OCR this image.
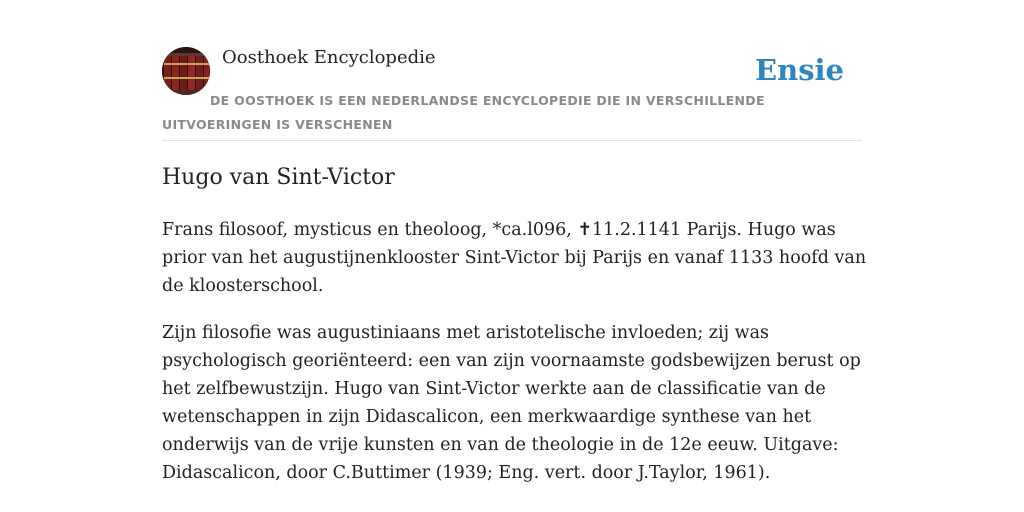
Oosthoek Encyclopedie	Ensie
DE OOSTHOEK IS EEN NEDERLANDSE ENCYCLOPEDIE DIE IN VERSCHILLENDE UITVOERINGEN IS VERSCHENEN
Hugo van Sint-Victor

Frans filosoof, mysticus en theoloog, *ca.l096, ✝11.2.1141 Parijs. Hugo was prior van het augustijnenklooster Sint-Victor bij Parijs en vanaf 1133 hoofd van de kloosterschool.

Zijn filosofie was augustiniaans met aristotelische invloeden; zij was psychologisch georiënteerd: een van zijn voornaamste godsbewijzen berust op het zelfbewustzijn. Hugo van Sint-Victor werkte aan de classificatie van de wetenschappen in zijn Didascalicon, een merkwaardige synthese van het onderwijs van de vrije kunsten en van de theologie in de 12e eeuw. Uitgave: Didascalicon, door C.Buttimer (1939; Eng. vert. door J.Taylor, 1961).
